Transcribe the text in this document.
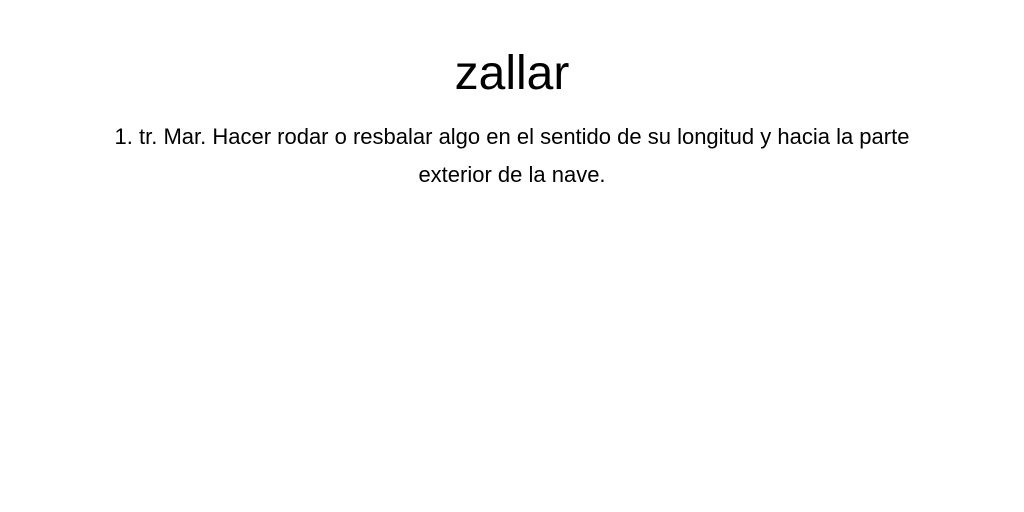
zallar
1. tr. Mar. Hacer rodar o resbalar algo en el sentido de su longitud y hacia la parte exterior de la nave.
